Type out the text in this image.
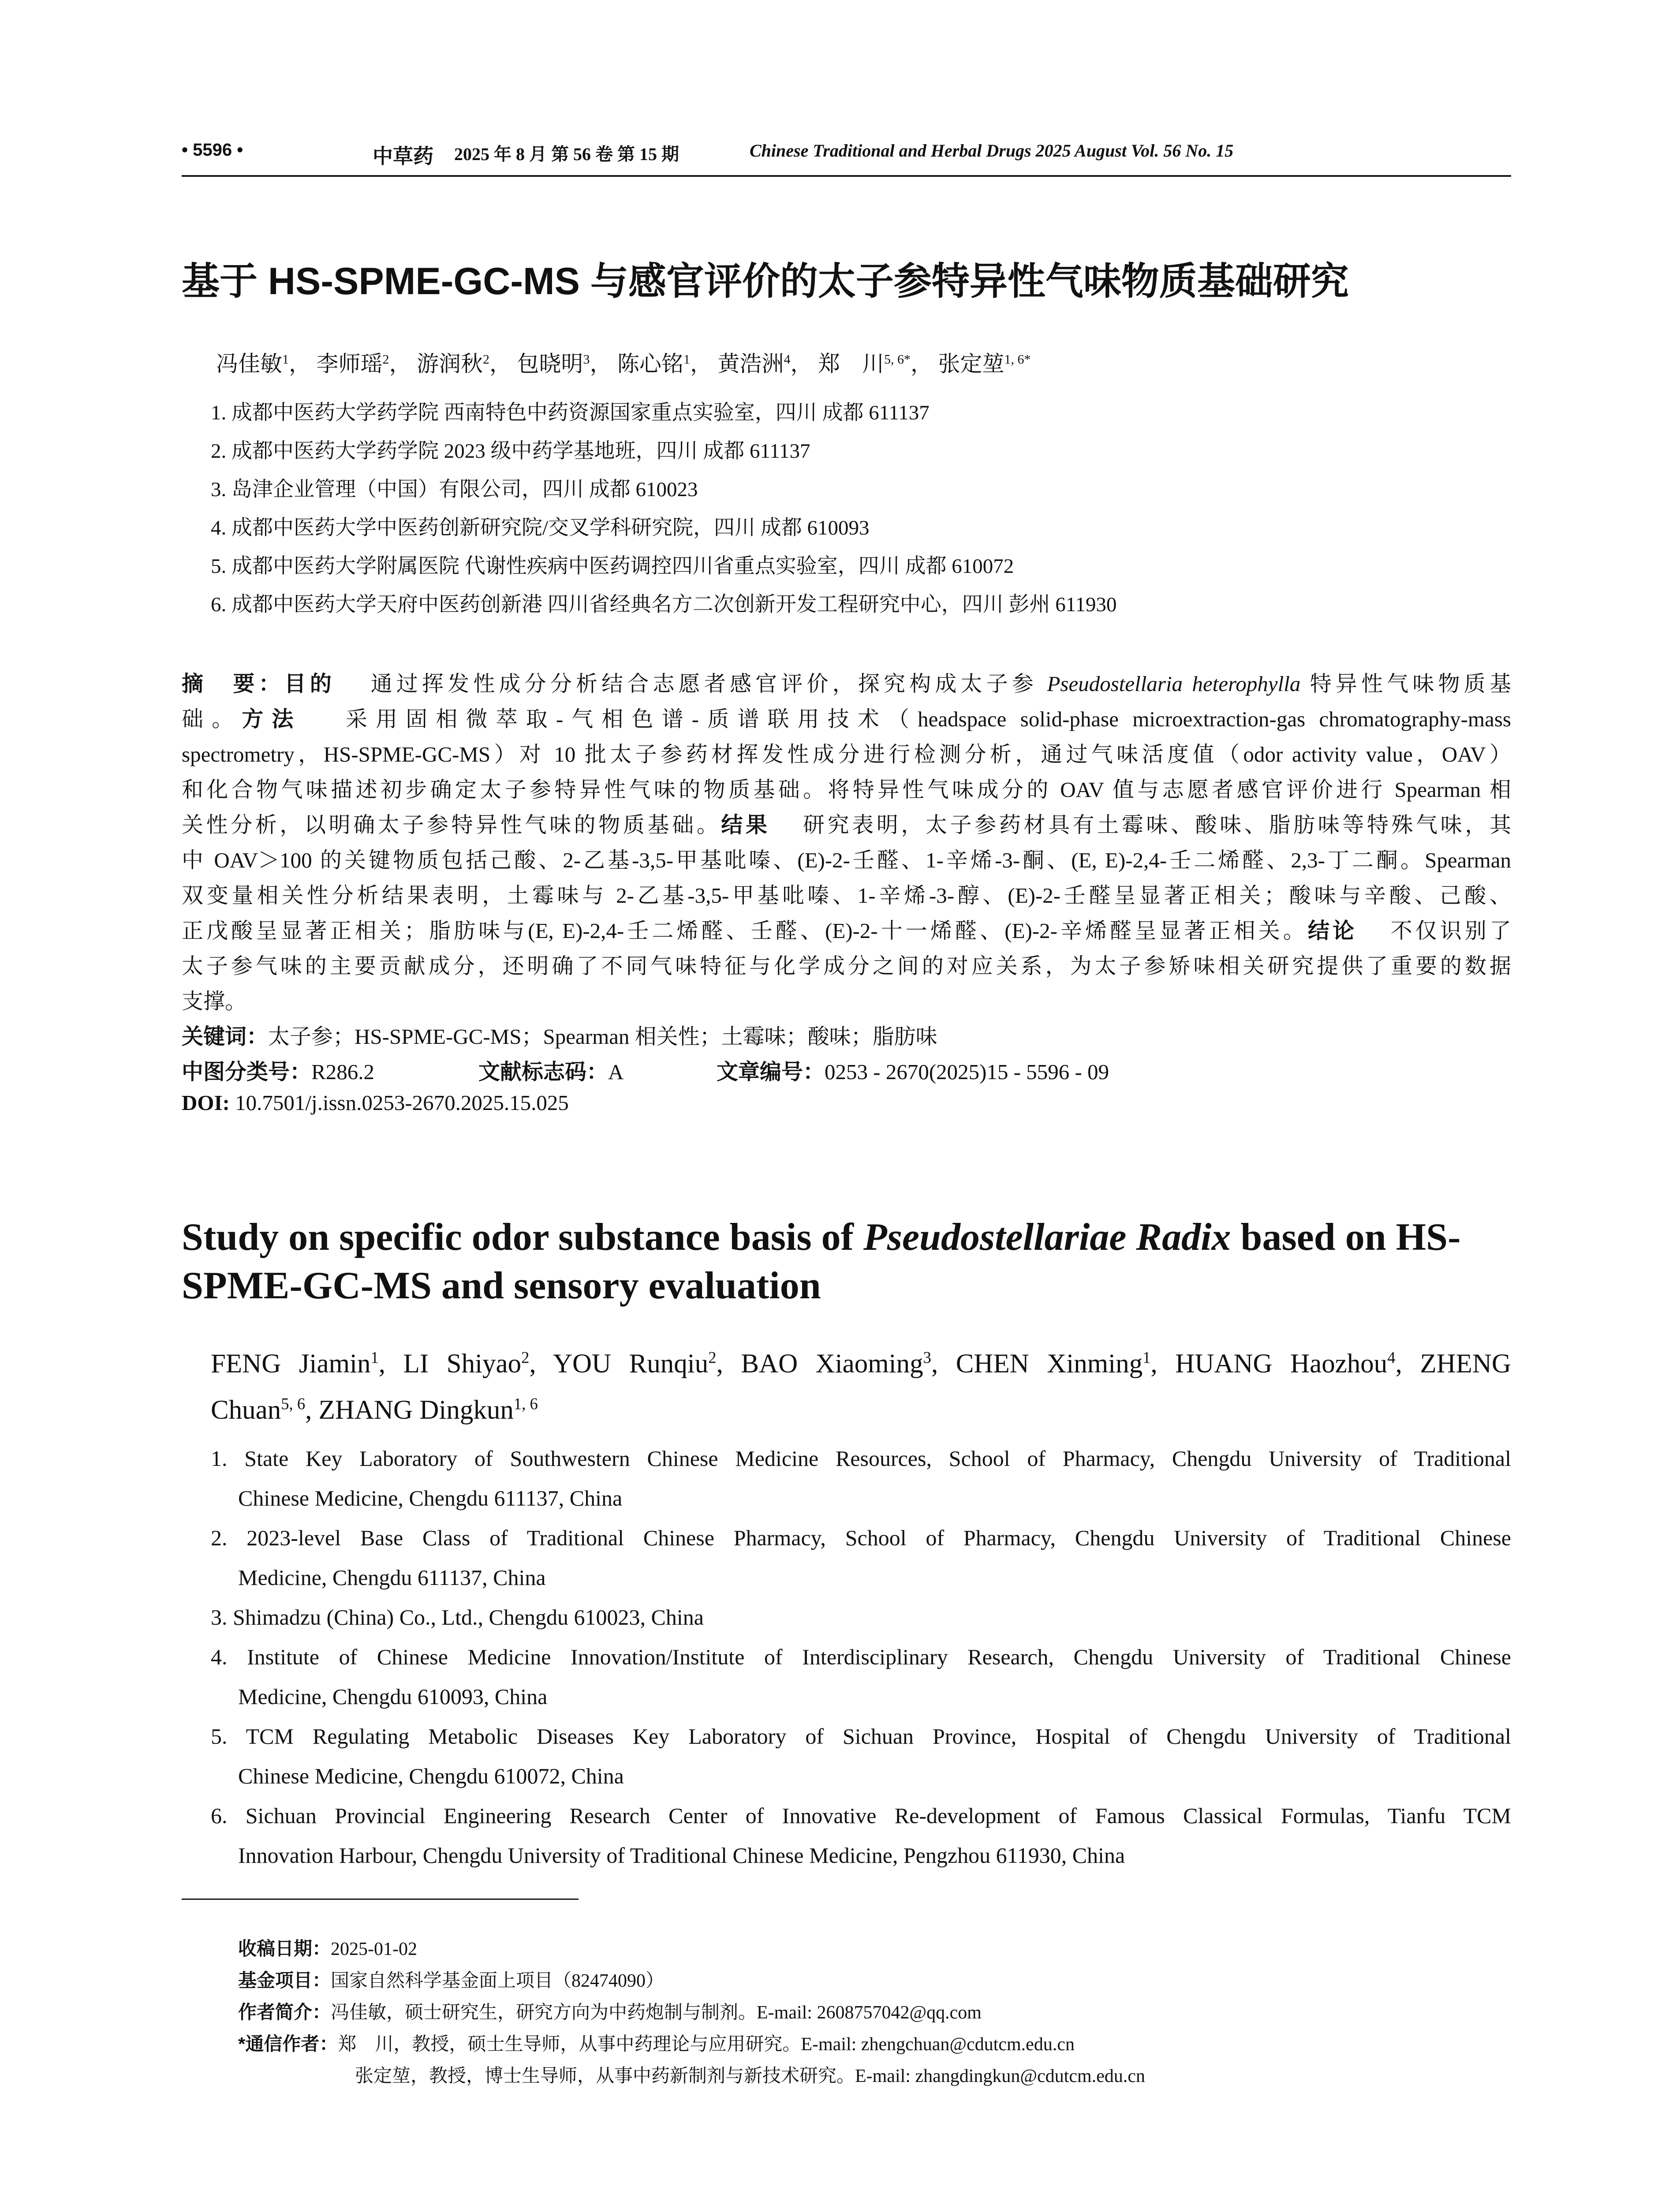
• 5596 •	中草药 2025 年 8 月 第 56 卷 第 15 期	Chinese Traditional and Herbal Drugs 2025 August Vol. 56 No. 15
基于 HS-SPME-GC-MS 与感官评价的太子参特异性气味物质基础研究
冯佳敏$^1$， 李师瑶$^2$， 游润秋$^2$， 包晓明$^3$， 陈心铭$^1$， 黄浩洲$^4$， 郑　川$^{5, 6*}$， 张定堃$^{1, 6*}$
1. 成都中医药大学药学院 西南特色中药资源国家重点实验室，四川 成都 611137
2. 成都中医药大学药学院 2023 级中药学基地班，四川 成都 611137
3. 岛津企业管理（中国）有限公司，四川 成都 610023
4. 成都中医药大学中医药创新研究院/交叉学科研究院，四川 成都 610093
5. 成都中医药大学附属医院 代谢性疾病中医药调控四川省重点实验室，四川 成都 610072
6. 成都中医药大学天府中医药创新港 四川省经典名方二次创新开发工程研究中心，四川 彭州 611930
摘　要：目的　 通过挥发性成分分析结合志愿者感官评价，探究构成太子参 Pseudostellaria heterophylla 特异性气味物质基
础。方法　 采用固相微萃取-气相色谱-质谱联用技术（headspace solid-phase microextraction-gas chromatography-mass
spectrometry，HS-SPME-GC-MS）对 10 批太子参药材挥发性成分进行检测分析，通过气味活度值（odor activity value，OAV）
和化合物气味描述初步确定太子参特异性气味的物质基础。将特异性气味成分的 OAV 值与志愿者感官评价进行 Spearman 相
关性分析，以明确太子参特异性气味的物质基础。结果　 研究表明，太子参药材具有土霉味、酸味、脂肪味等特殊气味，其
中 OAV＞100 的关键物质包括己酸、2-乙基-3,5-甲基吡嗪、(E)-2-壬醛、1-辛烯-3-酮、(E, E)-2,4-壬二烯醛、2,3-丁二酮。Spearman
双变量相关性分析结果表明，土霉味与 2-乙基-3,5-甲基吡嗪、1-辛烯-3-醇、(E)-2-壬醛呈显著正相关；酸味与辛酸、己酸、
正戊酸呈显著正相关；脂肪味与(E, E)-2,4-壬二烯醛、壬醛、(E)-2-十一烯醛、(E)-2-辛烯醛呈显著正相关。结论　 不仅识别了
太子参气味的主要贡献成分，还明确了不同气味特征与化学成分之间的对应关系，为太子参矫味相关研究提供了重要的数据
支撑。
关键词：太子参；HS-SPME-GC-MS；Spearman 相关性；土霉味；酸味；脂肪味
中图分类号：R286.2	文献标志码：A	文章编号：0253 - 2670(2025)15 - 5596 - 09
DOI: 10.7501/j.issn.0253-2670.2025.15.025
Study on specific odor substance basis of Pseudostellariae Radix based on HS-
SPME-GC-MS and sensory evaluation
FENG Jiamin$^1$, LI Shiyao$^2$, YOU Runqiu$^2$, BAO Xiaoming$^3$, CHEN Xinming$^1$, HUANG Haozhou$^4$, ZHENG
Chuan$^{5, 6}$, ZHANG Dingkun$^{1, 6}$
1. State Key Laboratory of Southwestern Chinese Medicine Resources, School of Pharmacy, Chengdu University of Traditional
Chinese Medicine, Chengdu 611137, China
2. 2023-level Base Class of Traditional Chinese Pharmacy, School of Pharmacy, Chengdu University of Traditional Chinese
Medicine, Chengdu 611137, China
3. Shimadzu (China) Co., Ltd., Chengdu 610023, China
4. Institute of Chinese Medicine Innovation/Institute of Interdisciplinary Research, Chengdu University of Traditional Chinese
Medicine, Chengdu 610093, China
5. TCM Regulating Metabolic Diseases Key Laboratory of Sichuan Province, Hospital of Chengdu University of Traditional
Chinese Medicine, Chengdu 610072, China
6. Sichuan Provincial Engineering Research Center of Innovative Re-development of Famous Classical Formulas, Tianfu TCM
Innovation Harbour, Chengdu University of Traditional Chinese Medicine, Pengzhou 611930, China
收稿日期：2025-01-02
基金项目：国家自然科学基金面上项目（82474090）
作者简介：冯佳敏，硕士研究生，研究方向为中药炮制与制剂。E-mail: 2608757042@qq.com
*通信作者：郑　川，教授，硕士生导师，从事中药理论与应用研究。E-mail: zhengchuan@cdutcm.edu.cn
张定堃，教授，博士生导师，从事中药新制剂与新技术研究。E-mail: zhangdingkun@cdutcm.edu.cn
